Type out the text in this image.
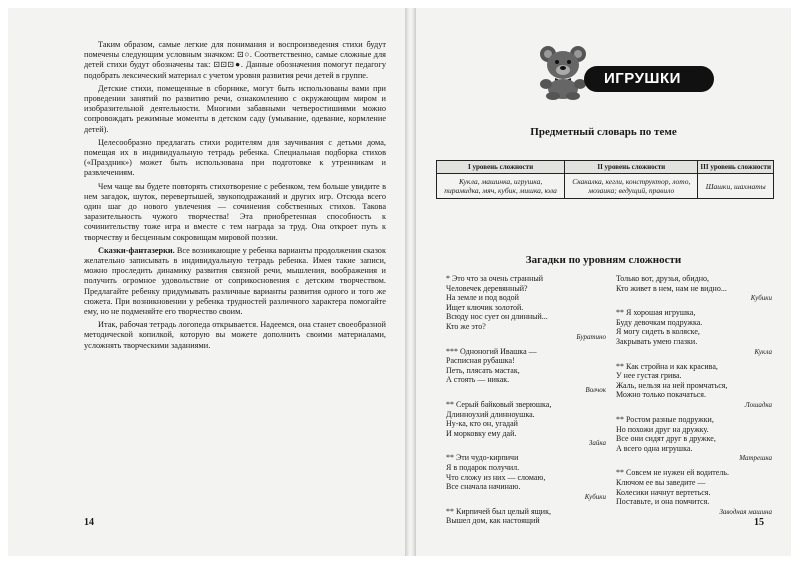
Таким образом, самые легкие для понимания и воспроизведения стихи будут помечены следующим условным значком: ⊡○. Соответственно, самые сложные для детей стихи будут обозначены так: ⊡⊡⊡●. Данные обозначения помогут педагогу подобрать лексический материал с учетом уровня развития речи детей в группе.

Детские стихи, помещенные в сборнике, могут быть использованы вами при проведении занятий по развитию речи, ознакомлению с окружающим миром и изобразительной деятельности. Многими забавными четверостишиями можно сопровождать режимные моменты в детском саду (умывание, одевание, кормление детей).

Целесообразно предлагать стихи родителям для заучивания с детьми дома, помещая их в индивидуальную тетрадь ребенка. Специальная подборка стихов («Праздник») может быть использована при подготовке к утренникам и развлечениям.

Чем чаще вы будете повторять стихотворение с ребенком, тем больше увидите в нем загадок, шуток, перевертышей, звукоподражаний и других игр. Отсюда всего один шаг до нового увлечения — сочинения собственных стихов. Такова заразительность чужого творчества! Эта приобретенная способность к сочинительству тоже игра и вместе с тем награда за труд. Она откроет путь к творчеству и бесценным сокровищам мировой поэзии.

Сказки-фантазерки. Все возникающие у ребенка варианты продолжения сказок желательно записывать в индивидуальную тетрадь ребенка. Имея такие записи, можно проследить динамику развития связной речи, мышления, воображения и получить огромное удовольствие от соприкосновения с детским творчеством. Предлагайте ребенку придумывать различные варианты развития одного и того же сюжета. При возникновении у ребенка трудностей различного характера помогайте ему, но не подменяйте его творчество своим.

Итак, рабочая тетрадь логопеда открывается. Надеемся, она станет своеобразной методической копилкой, которую вы можете дополнить своими материалами, усложнять творческими заданиями.

14
ИГРУШКИ
Предметный словарь по теме
I уровень сложности	II уровень сложности	III уровень сложности
Кукла, машинка, игрушка, пирамидка, мяч, кубик, мишка, юла	Скакалка, кегли, конструктор, лото, мозаика; ведущий, правило	Шашки, шахматы
Загадки по уровням сложности
* Это что за очень странный
Человечек деревянный?
На земле и под водой
Ищет ключик золотой.
Всюду нос сует он длинный...
Кто же это?
Буратино
*** Одноногий Ивашка —
Расписная рубашка!
Петь, плясать мастак,
А стоять — никак.
Волчок
** Серый байковый зверюшка,
Длинноухий длинноушка.
Ну-ка, кто он, угадай
И морковку ему дай.
Зайка
** Эти чудо-кирпичи
Я в подарок получил.
Что сложу из них — сломаю,
Все сначала начинаю.
Кубики
** Кирпичей был целый ящик,
Вышел дом, как настоящий
Только вот, друзья, обидно,
Кто живет в нем, нам не видно...
Кубики
** Я хорошая игрушка,
Буду девочкам подружка.
Я могу сидеть в коляске,
Закрывать умею глазки.
Кукла
** Как стройна и как красива,
У нее густая грива.
Жаль, нельзя на ней промчаться,
Можно только покачаться.
Лошадка
** Ростом разные подружки,
Но похожи друг на дружку.
Все они сидят друг в дружке,
А всего одна игрушка.
Матрешка
** Совсем не нужен ей водитель.
Ключом ее вы заведите —
Колесики начнут вертеться.
Поставьте, и она помчится.
Заводная машина
15
